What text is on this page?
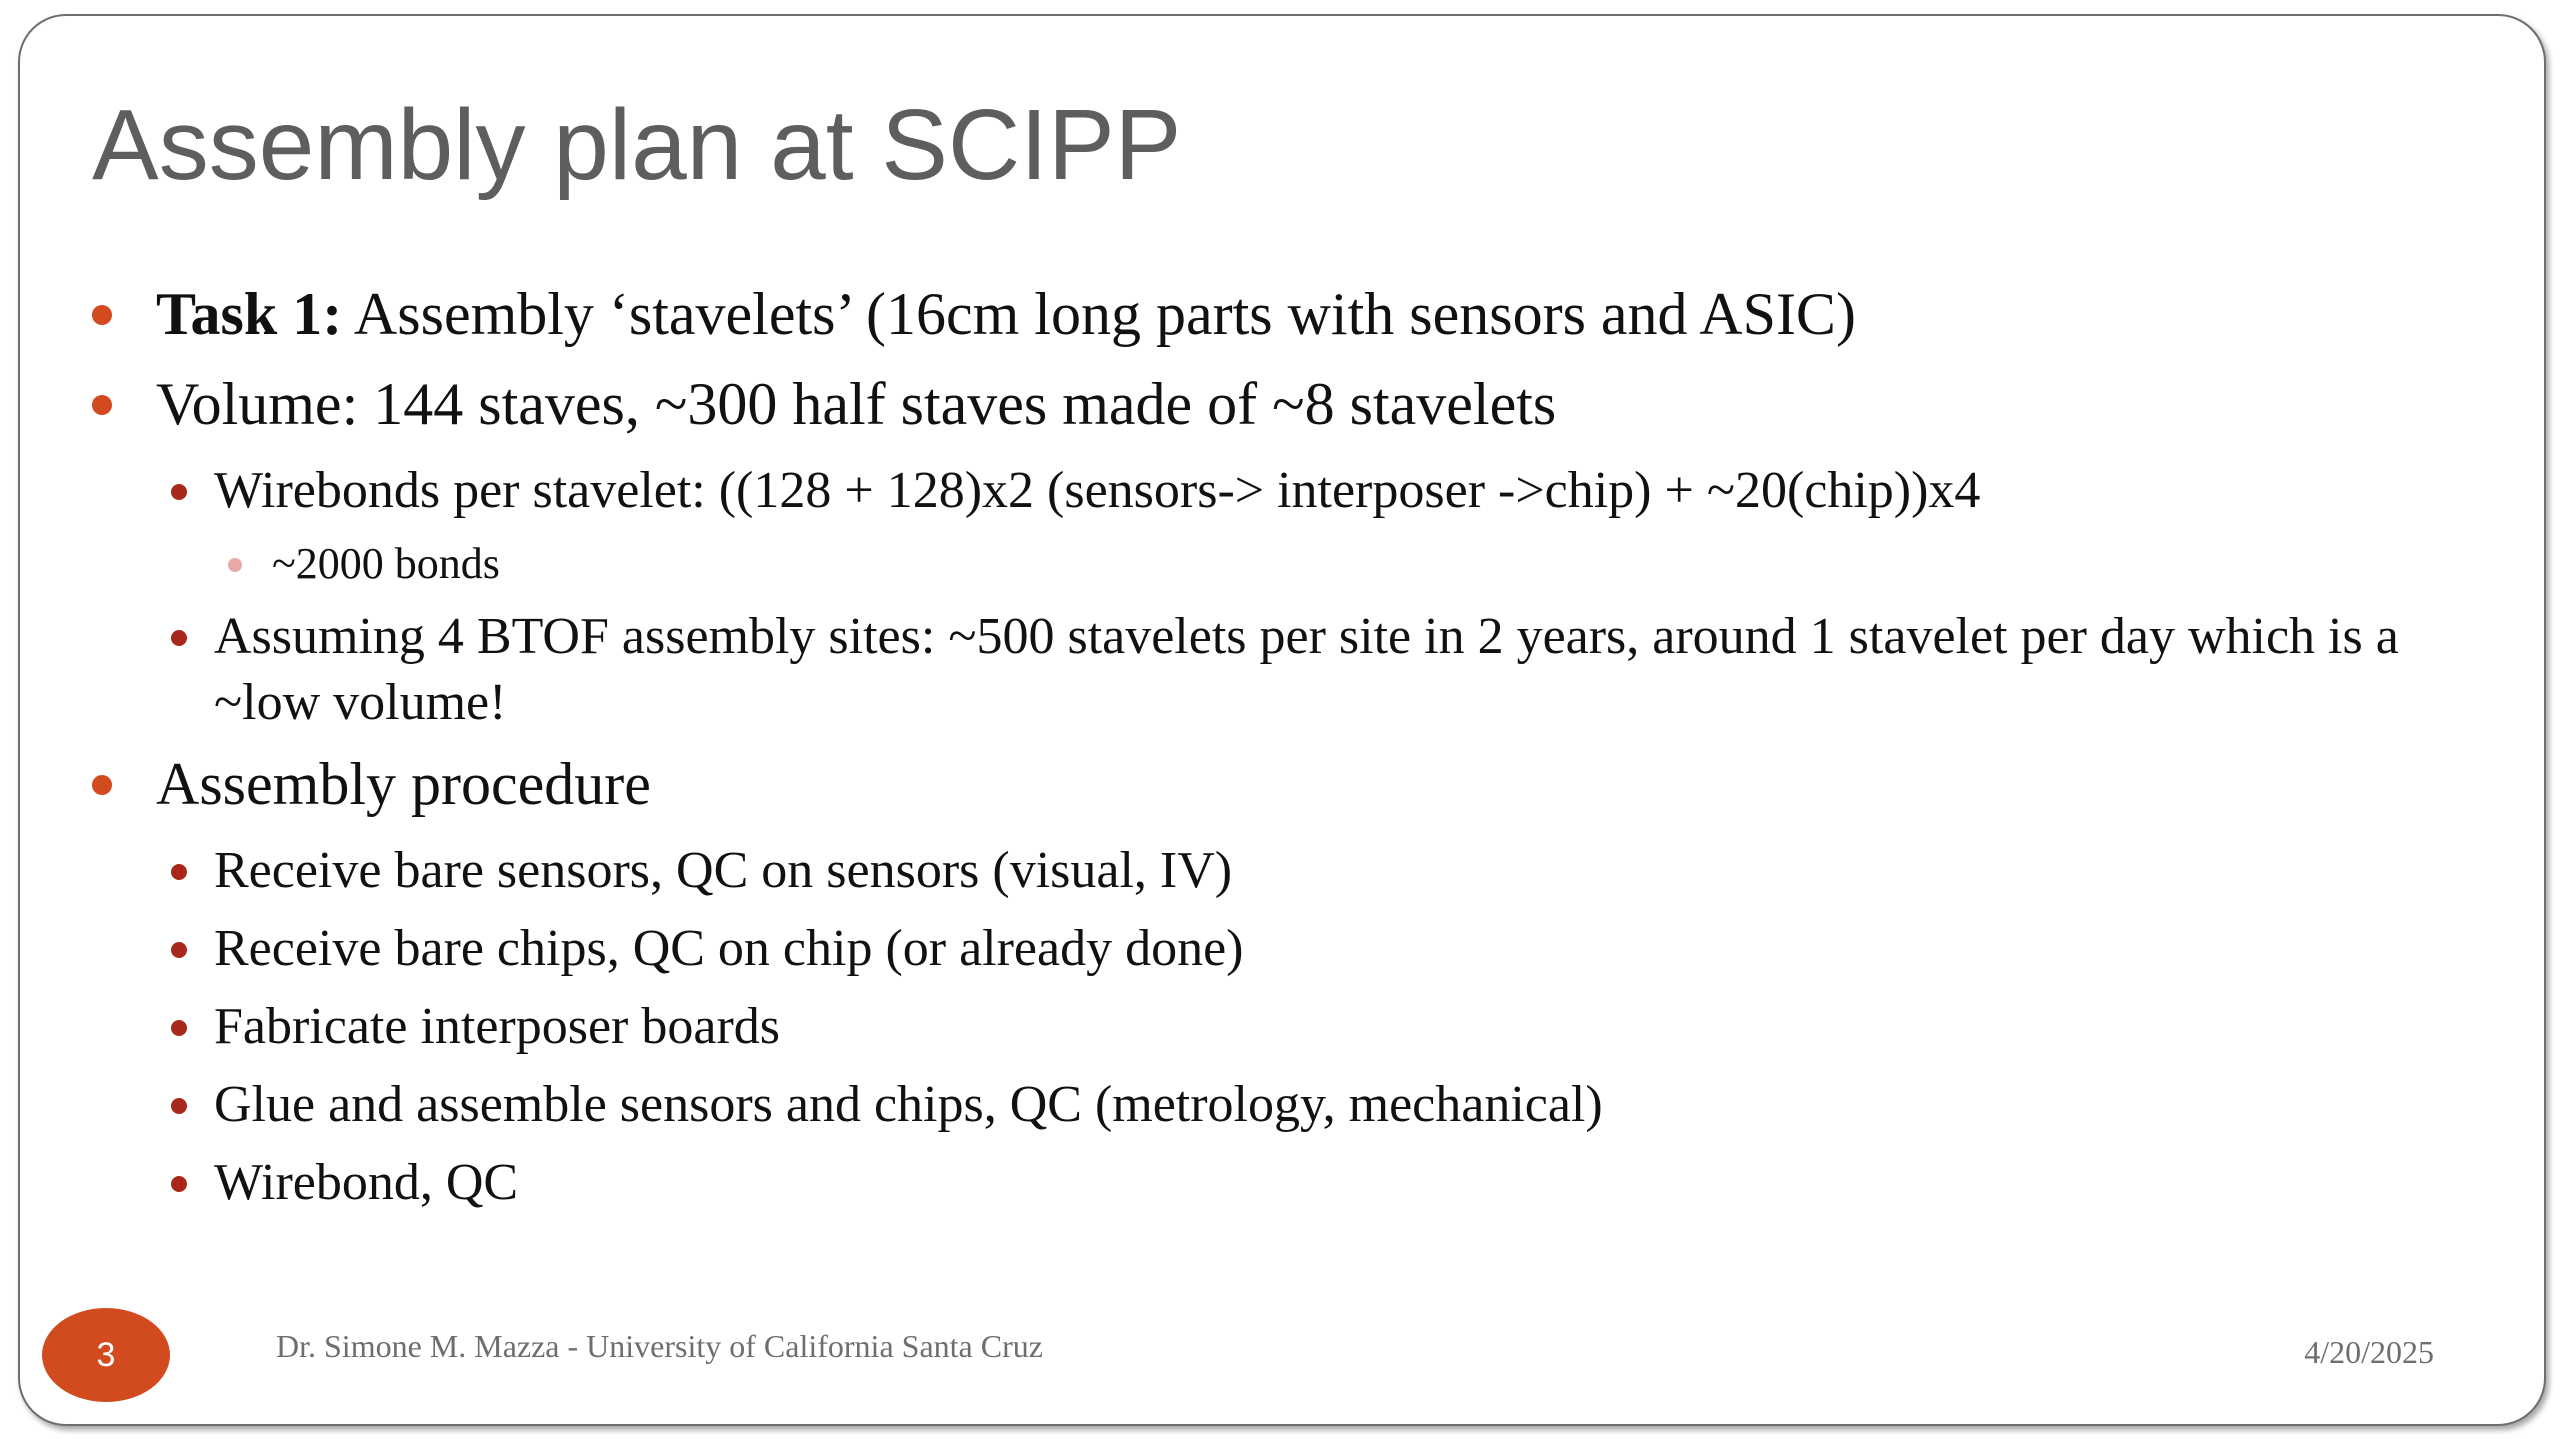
Assembly plan at SCIPP
Task 1: Assembly ‘stavelets’ (16cm long parts with sensors and ASIC)
Volume: 144 staves, ~300 half staves made of ~8 stavelets
Wirebonds per stavelet: ((128 + 128)x2 (sensors-> interposer ->chip) + ~20(chip))x4
~2000 bonds
Assuming 4 BTOF assembly sites: ~500 stavelets per site in 2 years, around 1 stavelet per day which is a ~low volume!
Assembly procedure
Receive bare sensors, QC on sensors (visual, IV)
Receive bare chips, QC on chip (or already done)
Fabricate interposer boards
Glue and assemble sensors and chips, QC (metrology, mechanical)
Wirebond, QC
3	Dr. Simone M. Mazza - University of California Santa Cruz	4/20/2025
